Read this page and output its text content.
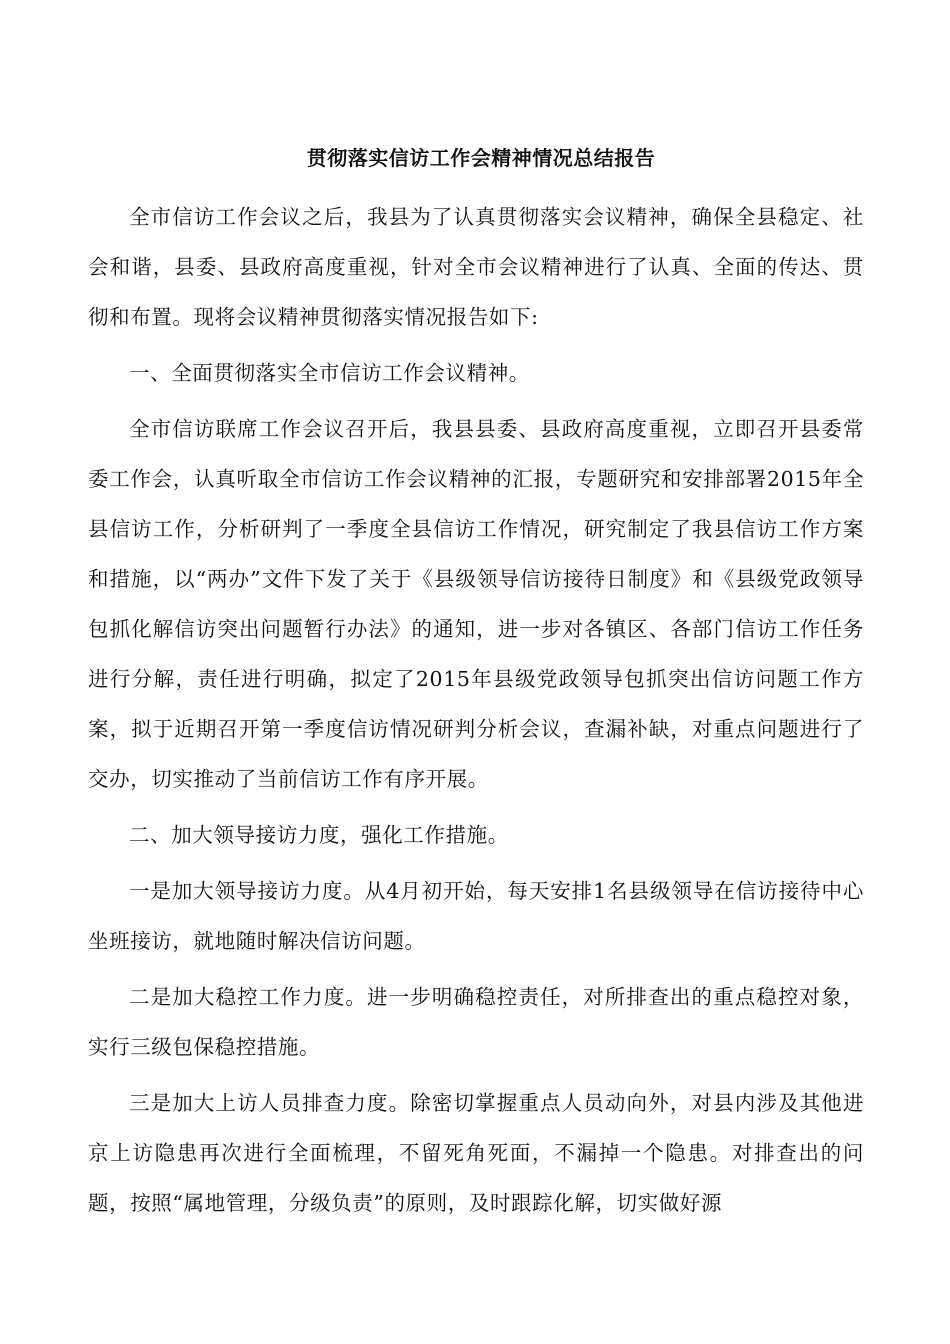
贯彻落实信访工作会精神情况总结报告

全市信访工作会议之后，我县为了认真贯彻落实会议精神，确保全县稳定、社会和谐，县委、县政府高度重视，针对全市会议精神进行了认真、全面的传达、贯彻和布置。现将会议精神贯彻落实情况报告如下:

一、全面贯彻落实全市信访工作会议精神。

全市信访联席工作会议召开后，我县县委、县政府高度重视，立即召开县委常委工作会，认真听取全市信访工作会议精神的汇报，专题研究和安排部署2015年全县信访工作，分析研判了一季度全县信访工作情况，研究制定了我县信访工作方案和措施，以“两办”文件下发了关于《县级领导信访接待日制度》和《县级党政领导包抓化解信访突出问题暂行办法》的通知，进一步对各镇区、各部门信访工作任务进行分解，责任进行明确，拟定了2015年县级党政领导包抓突出信访问题工作方案，拟于近期召开第一季度信访情况研判分析会议，查漏补缺，对重点问题进行了交办，切实推动了当前信访工作有序开展。

二、加大领导接访力度，强化工作措施。

一是加大领导接访力度。从4月初开始，每天安排1名县级领导在信访接待中心坐班接访，就地随时解决信访问题。

二是加大稳控工作力度。进一步明确稳控责任，对所排查出的重点稳控对象，实行三级包保稳控措施。

三是加大上访人员排查力度。除密切掌握重点人员动向外，对县内涉及其他进京上访隐患再次进行全面梳理，不留死角死面，不漏掉一个隐患。对排查出的问题，按照“属地管理，分级负责”的原则，及时跟踪化解，切实做好源
